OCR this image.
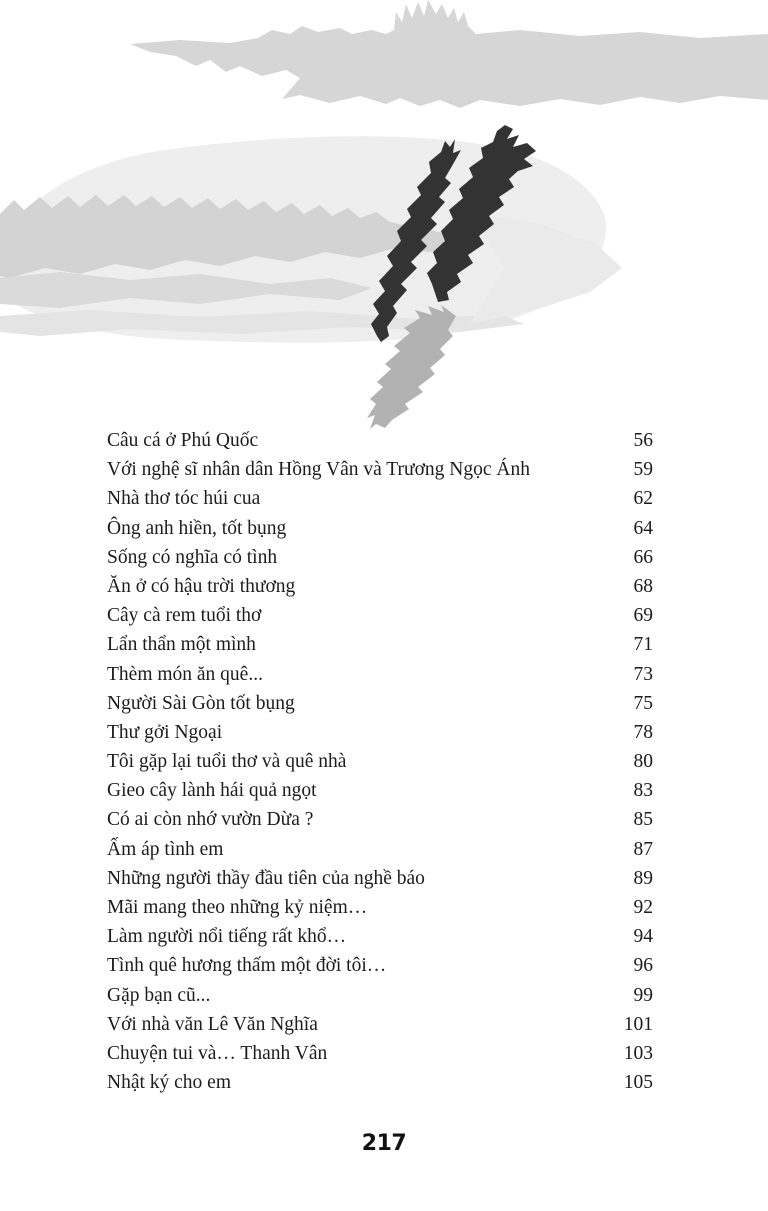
Câu cá ở Phú Quốc	56
Với nghệ sĩ nhân dân Hồng Vân và Trương Ngọc Ánh	59
Nhà thơ tóc húi cua	62
Ông anh hiền, tốt bụng	64
Sống có nghĩa có tình	66
Ăn ở có hậu trời thương	68
Cây cà rem tuổi thơ	69
Lẩn thẩn một mình	71
Thèm món ăn quê...	73
Người Sài Gòn tốt bụng	75
Thư gởi Ngoại	78
Tôi gặp lại tuổi thơ và quê nhà	80
Gieo cây lành hái quả ngọt	83
Có ai còn nhớ vườn Dừa ?	85
Ấm áp tình em	87
Những người thầy đầu tiên của nghề báo	89
Mãi mang theo những kỷ niệm…	92
Làm người nổi tiếng rất khổ…	94
Tình quê hương thấm một đời tôi…	96
Gặp bạn cũ...	99
Với nhà văn Lê Văn Nghĩa	101
Chuyện tui và… Thanh Vân	103
Nhật ký cho em	105
217
